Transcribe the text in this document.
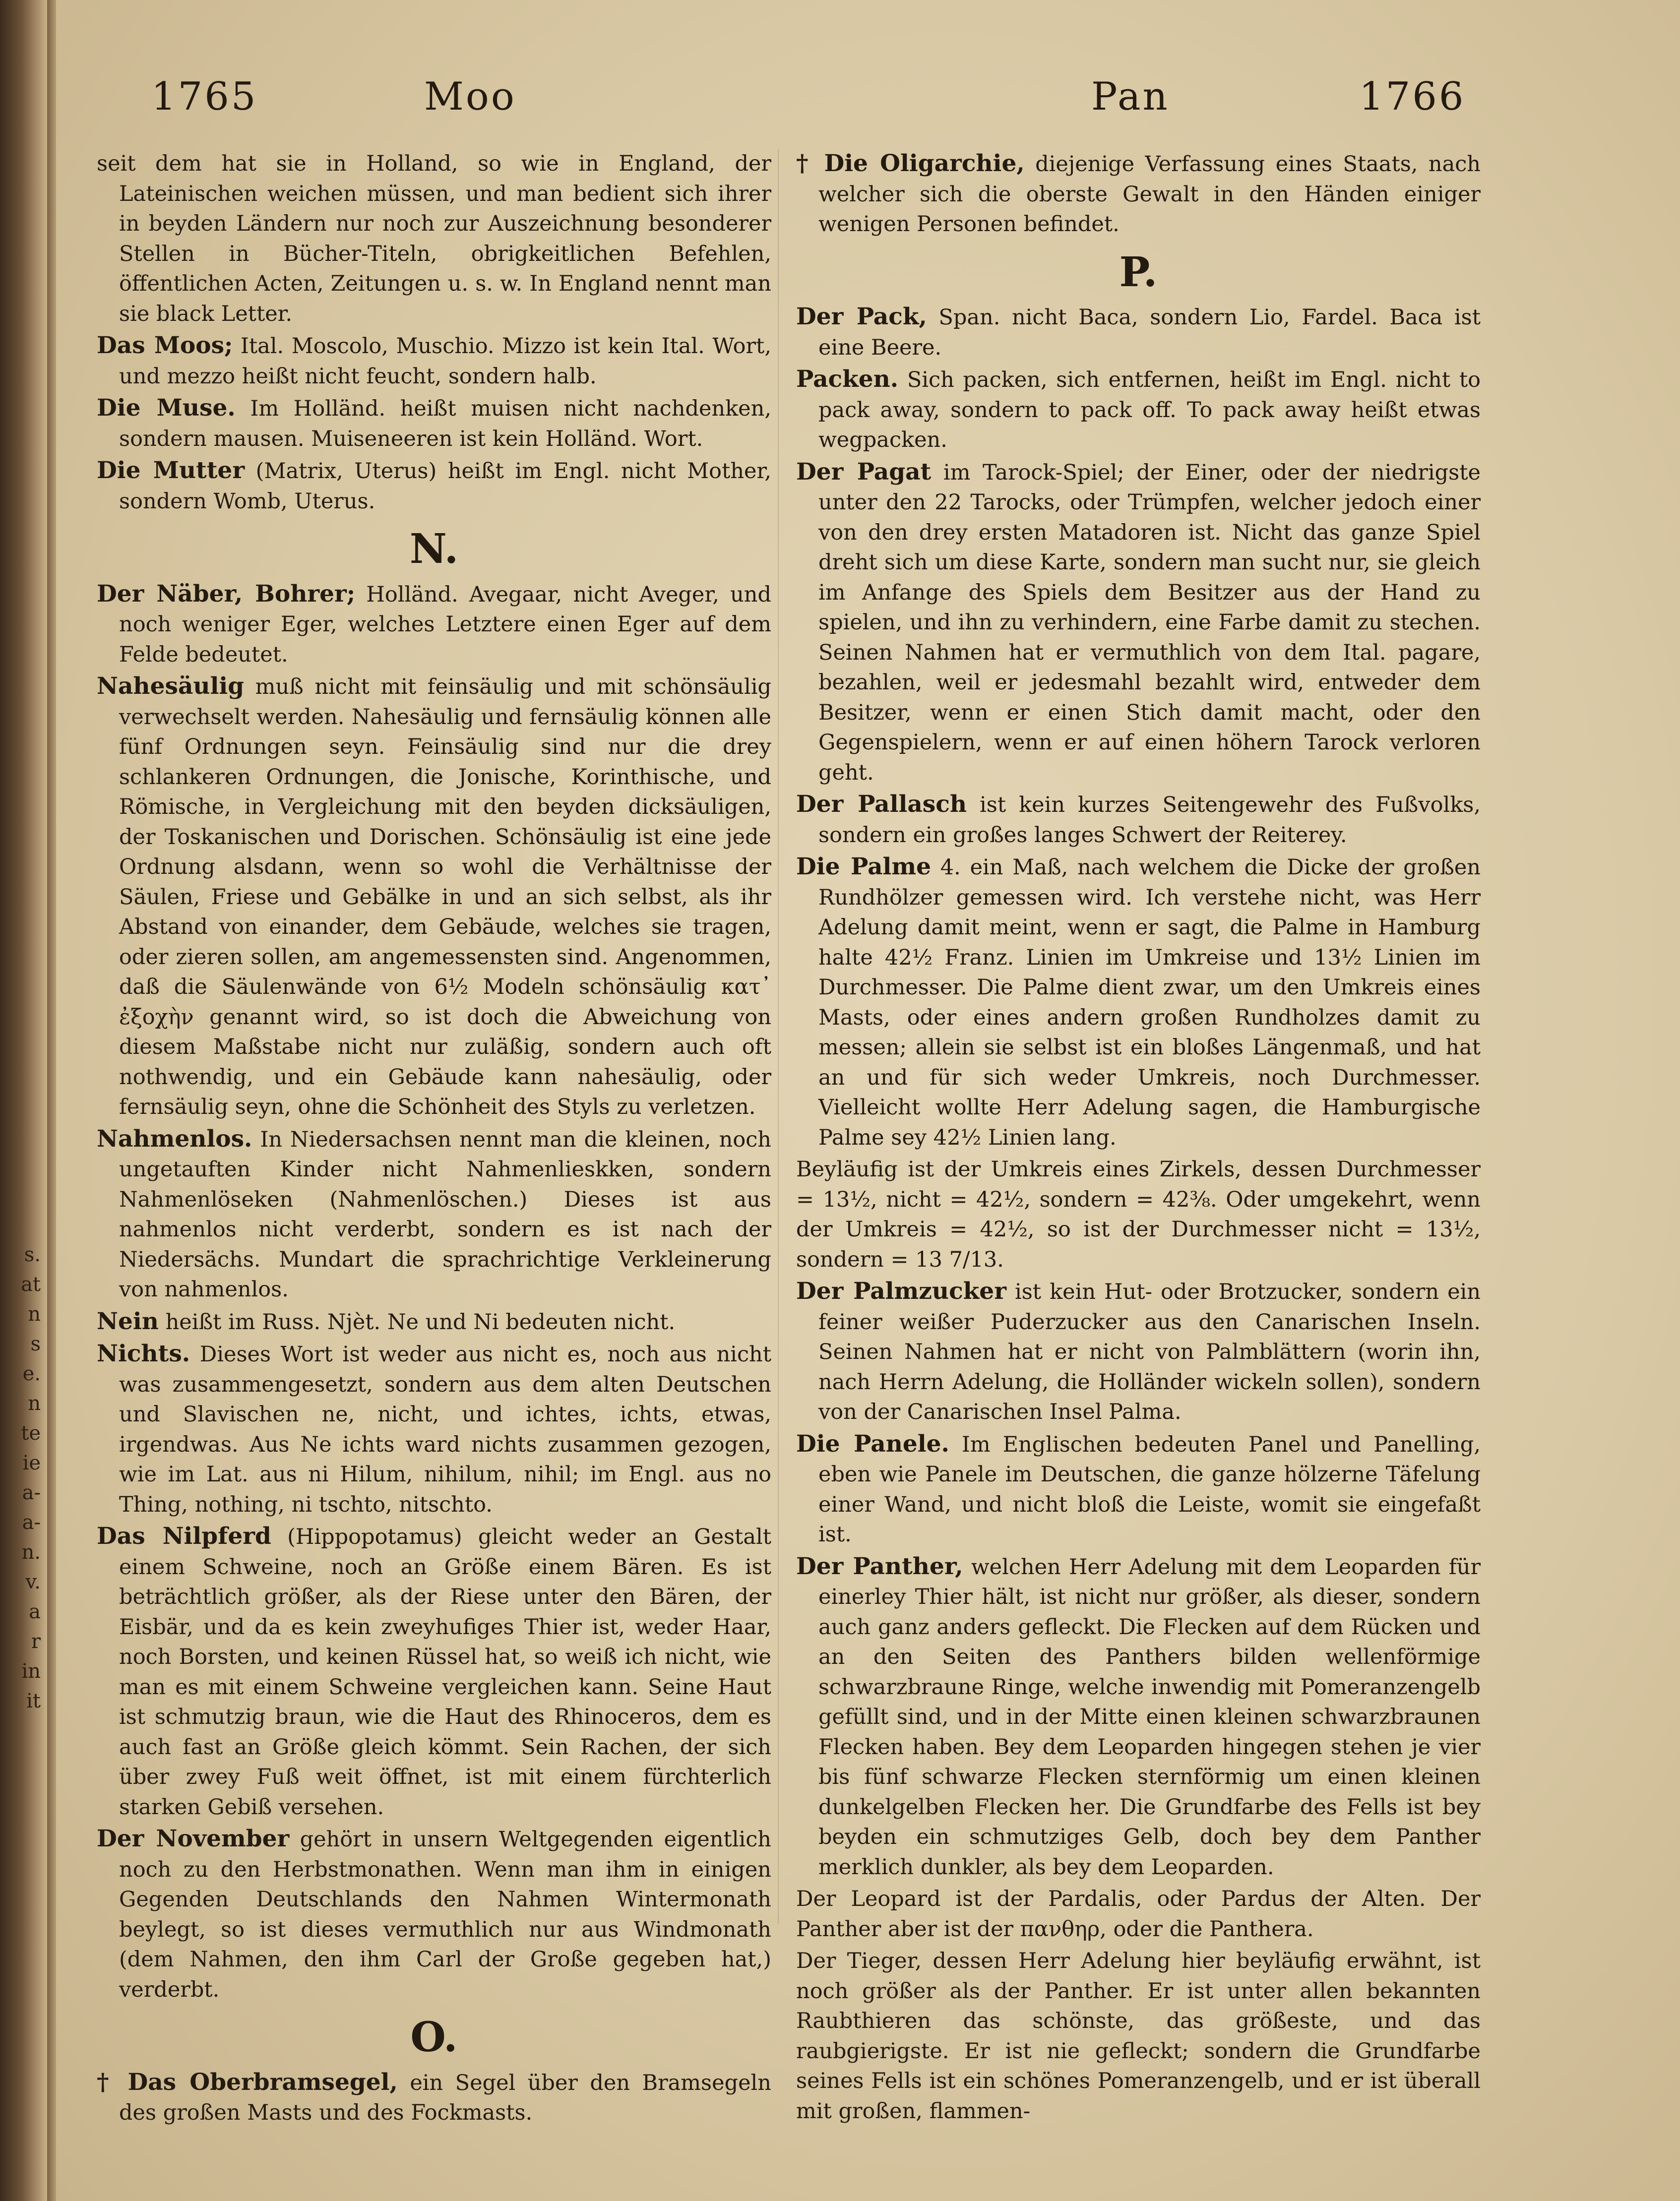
s.
at
n
s
e.
n
te
ie
a-
a-
n.
v.
a
r
in
it
1765	Moo	Pan	1766
seit dem hat sie in Holland, so wie in England, der Lateinischen weichen müssen, und man bedient sich ihrer in beyden Ländern nur noch zur Auszeichnung besonderer Stellen in Bücher-Titeln, obrigkeitlichen Befehlen, öffentlichen Acten, Zeitungen u. s. w. In England nennt man sie black Letter.
Das Moos; Ital. Moscolo, Muschio. Mizzo ist kein Ital. Wort, und mezzo heißt nicht feucht, sondern halb.
Die Muse. Im Holländ. heißt muisen nicht nachdenken, sondern mausen. Muiseneeren ist kein Holländ. Wort.
Die Mutter (Matrix, Uterus) heißt im Engl. nicht Mother, sondern Womb, Uterus.
N.
Der Näber, Bohrer; Holländ. Avegaar, nicht Aveger, und noch weniger Eger, welches Letztere einen Eger auf dem Felde bedeutet.
Nahesäulig muß nicht mit feinsäulig und mit schönsäulig verwechselt werden. Nahesäulig und fernsäulig können alle fünf Ordnungen seyn. Feinsäulig sind nur die drey schlankeren Ordnungen, die Jonische, Korinthische, und Römische, in Vergleichung mit den beyden dicksäuligen, der Toskanischen und Dorischen. Schönsäulig ist eine jede Ordnung alsdann, wenn so wohl die Verhältnisse der Säulen, Friese und Gebälke in und an sich selbst, als ihr Abstand von einander, dem Gebäude, welches sie tragen, oder zieren sollen, am angemessensten sind. Angenommen, daß die Säulenwände von 6½ Modeln schönsäulig κατ᾽ ἐξοχὴν genannt wird, so ist doch die Abweichung von diesem Maßstabe nicht nur zuläßig, sondern auch oft nothwendig, und ein Gebäude kann nahesäulig, oder fernsäulig seyn, ohne die Schönheit des Styls zu verletzen.
Nahmenlos. In Niedersachsen nennt man die kleinen, noch ungetauften Kinder nicht Nahmenlieskken, sondern Nahmenlöseken (Nahmenlöschen.) Dieses ist aus nahmenlos nicht verderbt, sondern es ist nach der Niedersächs. Mundart die sprachrichtige Verkleinerung von nahmenlos.
Nein heißt im Russ. Njèt. Ne und Ni bedeuten nicht.
Nichts. Dieses Wort ist weder aus nicht es, noch aus nicht was zusammengesetzt, sondern aus dem alten Deutschen und Slavischen ne, nicht, und ichtes, ichts, etwas, irgendwas. Aus Ne ichts ward nichts zusammen gezogen, wie im Lat. aus ni Hilum, nihilum, nihil; im Engl. aus no Thing, nothing, ni tschto, nitschto.
Das Nilpferd (Hippopotamus) gleicht weder an Gestalt einem Schweine, noch an Größe einem Bären. Es ist beträchtlich größer, als der Riese unter den Bären, der Eisbär, und da es kein zweyhufiges Thier ist, weder Haar, noch Borsten, und keinen Rüssel hat, so weiß ich nicht, wie man es mit einem Schweine vergleichen kann. Seine Haut ist schmutzig braun, wie die Haut des Rhinoceros, dem es auch fast an Größe gleich kömmt. Sein Rachen, der sich über zwey Fuß weit öffnet, ist mit einem fürchterlich starken Gebiß versehen.
Der November gehört in unsern Weltgegenden eigentlich noch zu den Herbstmonathen. Wenn man ihm in einigen Gegenden Deutschlands den Nahmen Wintermonath beylegt, so ist dieses vermuthlich nur aus Windmonath (dem Nahmen, den ihm Carl der Große gegeben hat,) verderbt.
O.
† Das Oberbramsegel, ein Segel über den Bramsegeln des großen Masts und des Fockmasts.
† Die Oligarchie, diejenige Verfassung eines Staats, nach welcher sich die oberste Gewalt in den Händen einiger wenigen Personen befindet.
P.
Der Pack, Span. nicht Baca, sondern Lio, Fardel. Baca ist eine Beere.
Packen. Sich packen, sich entfernen, heißt im Engl. nicht to pack away, sondern to pack off. To pack away heißt etwas wegpacken.
Der Pagat im Tarock-Spiel; der Einer, oder der niedrigste unter den 22 Tarocks, oder Trümpfen, welcher jedoch einer von den drey ersten Matadoren ist. Nicht das ganze Spiel dreht sich um diese Karte, sondern man sucht nur, sie gleich im Anfange des Spiels dem Besitzer aus der Hand zu spielen, und ihn zu verhindern, eine Farbe damit zu stechen. Seinen Nahmen hat er vermuthlich von dem Ital. pagare, bezahlen, weil er jedesmahl bezahlt wird, entweder dem Besitzer, wenn er einen Stich damit macht, oder den Gegenspielern, wenn er auf einen höhern Tarock verloren geht.
Der Pallasch ist kein kurzes Seitengewehr des Fußvolks, sondern ein großes langes Schwert der Reiterey.
Die Palme 4. ein Maß, nach welchem die Dicke der großen Rundhölzer gemessen wird. Ich verstehe nicht, was Herr Adelung damit meint, wenn er sagt, die Palme in Hamburg halte 42½ Franz. Linien im Umkreise und 13½ Linien im Durchmesser. Die Palme dient zwar, um den Umkreis eines Masts, oder eines andern großen Rundholzes damit zu messen; allein sie selbst ist ein bloßes Längenmaß, und hat an und für sich weder Umkreis, noch Durchmesser. Vielleicht wollte Herr Adelung sagen, die Hamburgische Palme sey 42½ Linien lang.
Beyläufig ist der Umkreis eines Zirkels, dessen Durchmesser = 13½, nicht = 42½, sondern = 42⅜. Oder umgekehrt, wenn der Umkreis = 42½, so ist der Durchmesser nicht = 13½, sondern = 13 7/13.
Der Palmzucker ist kein Hut- oder Brotzucker, sondern ein feiner weißer Puderzucker aus den Canarischen Inseln. Seinen Nahmen hat er nicht von Palmblättern (worin ihn, nach Herrn Adelung, die Holländer wickeln sollen), sondern von der Canarischen Insel Palma.
Die Panele. Im Englischen bedeuten Panel und Panelling, eben wie Panele im Deutschen, die ganze hölzerne Täfelung einer Wand, und nicht bloß die Leiste, womit sie eingefaßt ist.
Der Panther, welchen Herr Adelung mit dem Leoparden für einerley Thier hält, ist nicht nur größer, als dieser, sondern auch ganz anders gefleckt. Die Flecken auf dem Rücken und an den Seiten des Panthers bilden wellenförmige schwarzbraune Ringe, welche inwendig mit Pomeranzengelb gefüllt sind, und in der Mitte einen kleinen schwarzbraunen Flecken haben. Bey dem Leoparden hingegen stehen je vier bis fünf schwarze Flecken sternförmig um einen kleinen dunkelgelben Flecken her. Die Grundfarbe des Fells ist bey beyden ein schmutziges Gelb, doch bey dem Panther merklich dunkler, als bey dem Leoparden.
Der Leopard ist der Pardalis, oder Pardus der Alten. Der Panther aber ist der πανθηρ, oder die Panthera.
Der Tieger, dessen Herr Adelung hier beyläufig erwähnt, ist noch größer als der Panther. Er ist unter allen bekannten Raubthieren das schönste, das größeste, und das raubgierigste. Er ist nie gefleckt; sondern die Grundfarbe seines Fells ist ein schönes Pomeranzengelb, und er ist überall mit großen, flammen-
